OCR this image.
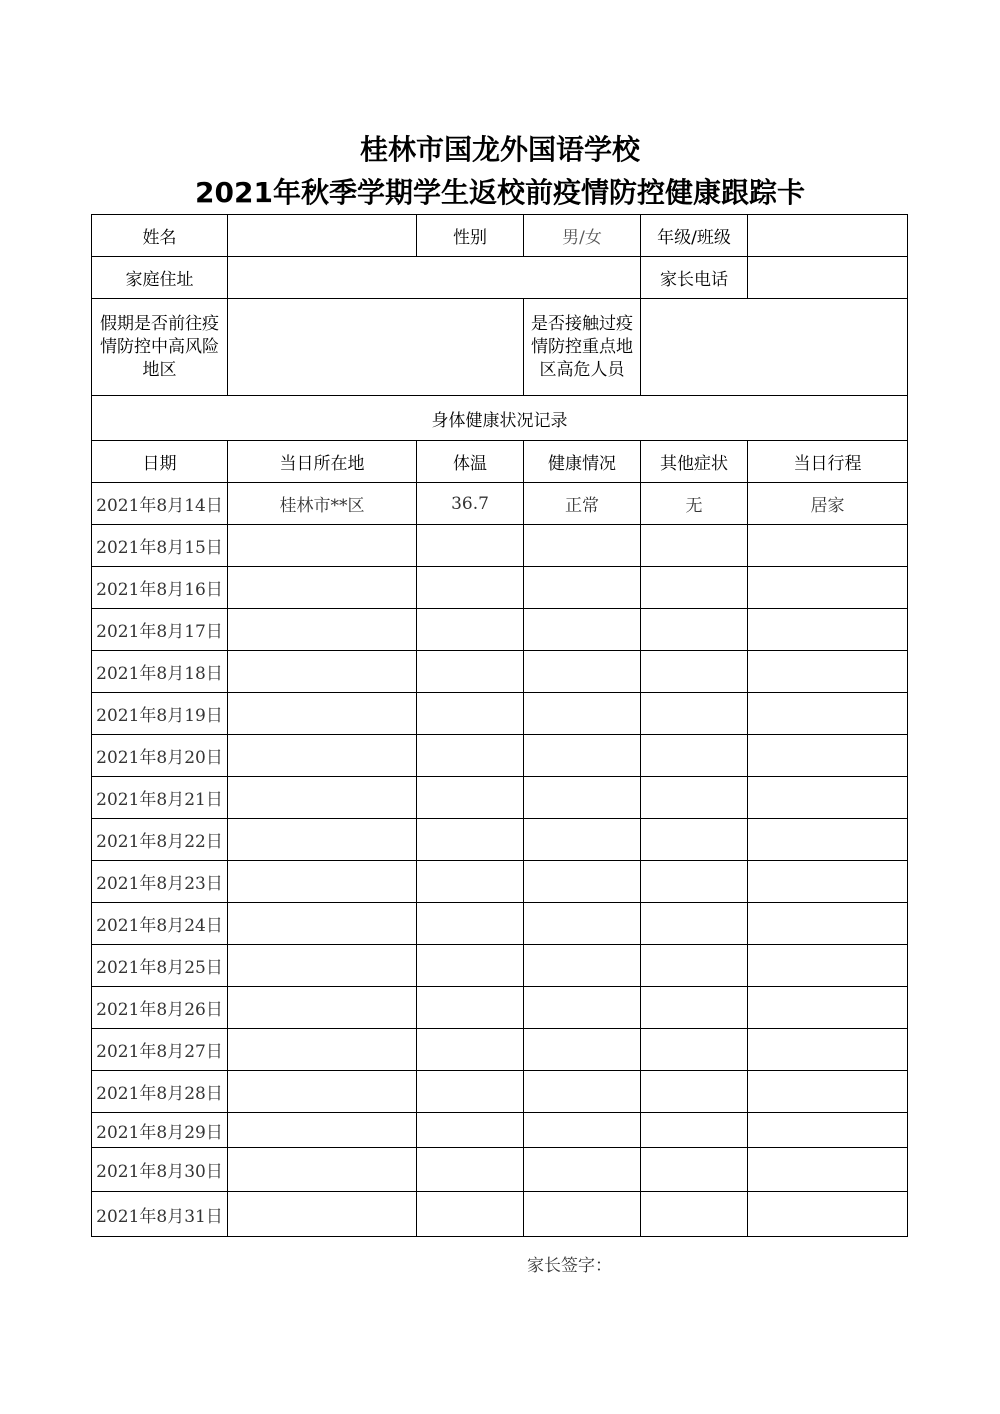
桂林市国龙外国语学校
2021年秋季学期学生返校前疫情防控健康跟踪卡
姓名		性别	男/女	年级/班级	
家庭住址				家长电话	
假期是否前往疫情防控中高风险地区			是否接触过疫情防控重点地区高危人员		
身体健康状况记录					
日期	当日所在地	体温	健康情况	其他症状	当日行程
2021年8月14日	桂林市**区	36.7	正常	无	居家
2021年8月15日					
2021年8月16日					
2021年8月17日					
2021年8月18日					
2021年8月19日					
2021年8月20日					
2021年8月21日					
2021年8月22日					
2021年8月23日					
2021年8月24日					
2021年8月25日					
2021年8月26日					
2021年8月27日					
2021年8月28日					
2021年8月29日					
2021年8月30日					
2021年8月31日					
家长签字：
